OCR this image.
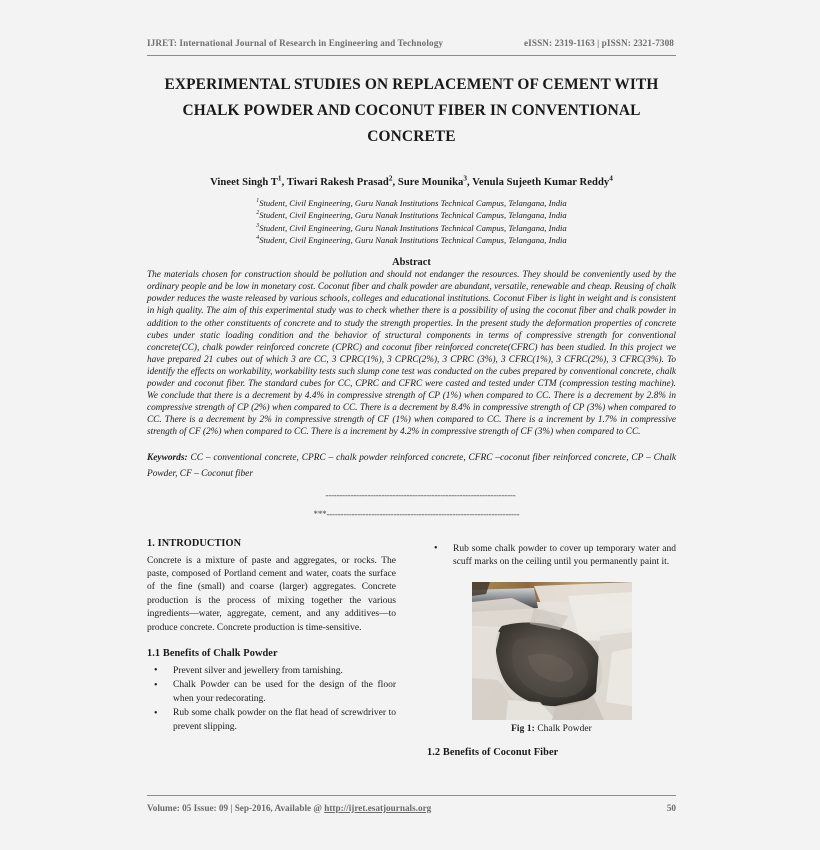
IJRET: International Journal of Research in Engineering and Technology	eISSN: 2319-1163 | pISSN: 2321-7308
EXPERIMENTAL STUDIES ON REPLACEMENT OF CEMENT WITH CHALK POWDER AND COCONUT FIBER IN CONVENTIONAL CONCRETE
Vineet Singh $T^1$, Tiwari Rakesh Prasad$^2$, Sure Mounika$^3$, Venula Sujeeth Kumar Reddy$^4$
$^1$Student, Civil Engineering, Guru Nanak Institutions Technical Campus, Telangana, India
$^2$Student, Civil Engineering, Guru Nanak Institutions Technical Campus, Telangana, India
$^3$Student, Civil Engineering, Guru Nanak Institutions Technical Campus, Telangana, India
$^4$Student, Civil Engineering, Guru Nanak Institutions Technical Campus, Telangana, India
Abstract
The materials chosen for construction should be pollution and should not endanger the resources. They should be conveniently used by the ordinary people and be low in monetary cost. Coconut fiber and chalk powder are abundant, versatile, renewable and cheap. Reusing of chalk powder reduces the waste released by various schools, colleges and educational institutions. Coconut Fiber is light in weight and is consistent in high quality. The aim of this experimental study was to check whether there is a possibility of using the coconut fiber and chalk powder in addition to the other constituents of concrete and to study the strength properties. In the present study the deformation properties of concrete cubes under static loading condition and the behavior of structural components in terms of compressive strength for conventional concrete(CC), chalk powder reinforced concrete (CPRC) and coconut fiber reinforced concrete(CFRC) has been studied. In this project we have prepared 21 cubes out of which 3 are CC, 3 CPRC(1%), 3 CPRC(2%), 3 CPRC (3%), 3 CFRC(1%), 3 CFRC(2%), 3 CFRC(3%). To identify the effects on workability, workability tests such slump cone test was conducted on the cubes prepared by conventional concrete, chalk powder and coconut fiber. The standard cubes for CC, CPRC and CFRC were casted and tested under CTM (compression testing machine). We conclude that there is a decrement by 4.4% in compressive strength of CP (1%) when compared to CC. There is a decrement by 2.8% in compressive strength of CP (2%) when compared to CC. There is a decrement by 8.4% in compressive strength of CP (3%) when compared to CC. There is a decrement by 2% in compressive strength of CF (1%) when compared to CC. There is a increment by 1.7% in compressive strength of CF (2%) when compared to CC. There is a increment by 4.2% in compressive strength of CF (3%) when compared to CC.
Keywords: CC – conventional concrete, CPRC – chalk powder reinforced concrete, CFRC –coconut fiber reinforced concrete, CP – Chalk Powder, CF – Coconut fiber
--------------------------------------------------------------------
***---------------------------------------------------------------------
1. INTRODUCTION

Concrete is a mixture of paste and aggregates, or rocks. The paste, composed of Portland cement and water, coats the surface of the fine (small) and coarse (larger) aggregates. Concrete production is the process of mixing together the various ingredients—water, aggregate, cement, and any additives—to produce concrete. Concrete production is time-sensitive.

1.1 Benefits of Chalk Powder
• Prevent silver and jewellery from tarnishing.
• Chalk Powder can be used for the design of the floor when your redecorating.
• Rub some chalk powder on the flat head of screwdriver to prevent slipping.
• Rub some chalk powder to cover up temporary water and scuff marks on the ceiling until you permanently paint it.
Fig 1: Chalk Powder
1.2 Benefits of Coconut Fiber
Volume: 05 Issue: 09 | Sep-2016, Available @ http://ijret.esatjournals.org	50
